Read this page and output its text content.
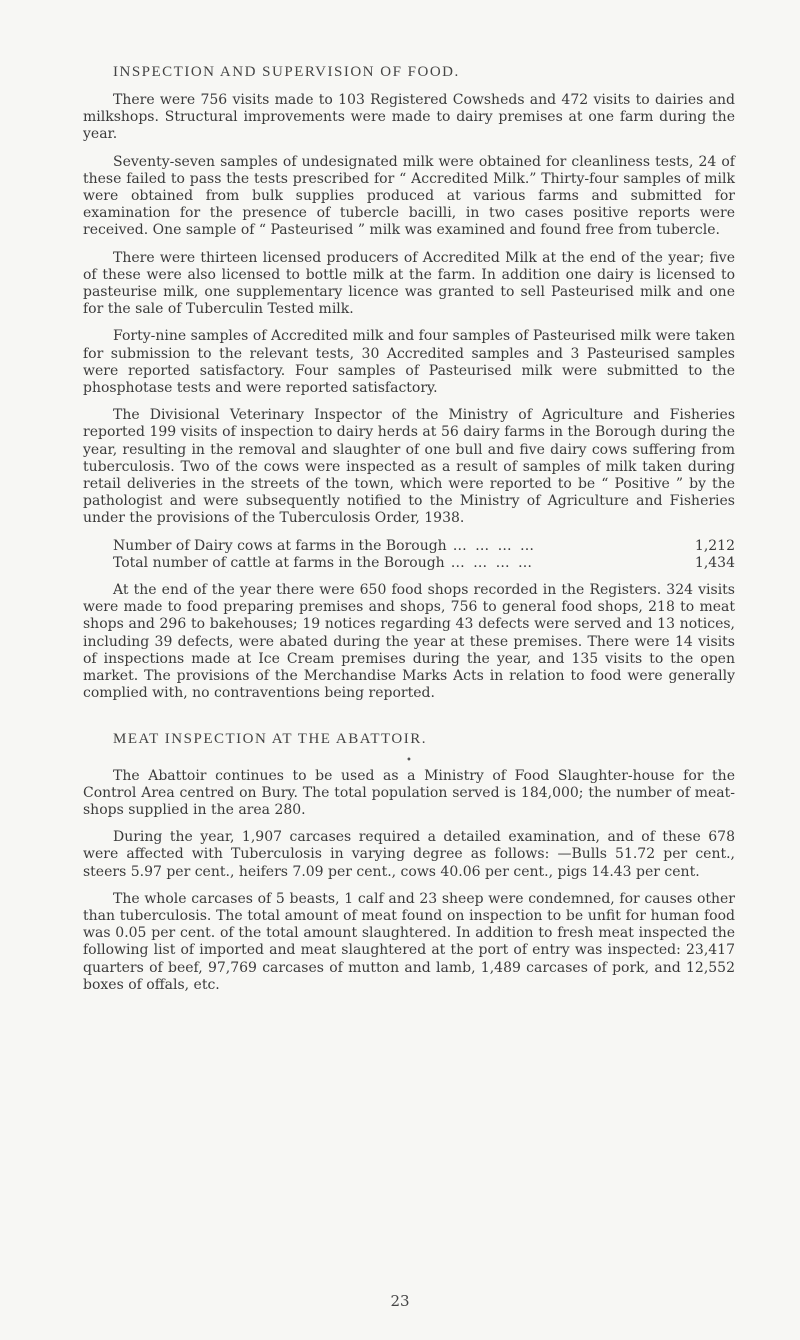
INSPECTION AND SUPERVISION OF FOOD.

There were 756 visits made to 103 Registered Cowsheds and 472 visits to dairies and milkshops. Structural improvements were made to dairy premises at one farm during the year.

Seventy-seven samples of undesignated milk were obtained for cleanliness tests, 24 of these failed to pass the tests prescribed for “ Accredited Milk.” Thirty-four samples of milk were obtained from bulk supplies produced at various farms and submitted for examination for the presence of tubercle bacilli, in two cases positive reports were received. One sample of “ Pasteurised ” milk was examined and found free from tubercle.

There were thirteen licensed producers of Accredited Milk at the end of the year; five of these were also licensed to bottle milk at the farm. In addition one dairy is licensed to pasteurise milk, one supplementary licence was granted to sell Pasteurised milk and one for the sale of Tuberculin Tested milk.

Forty-nine samples of Accredited milk and four samples of Pasteurised milk were taken for submission to the relevant tests, 30 Accredited samples and 3 Pasteurised samples were reported satisfactory. Four samples of Pasteurised milk were submitted to the phosphotase tests and were reported satisfactory.

The Divisional Veterinary Inspector of the Ministry of Agriculture and Fisheries reported 199 visits of inspection to dairy herds at 56 dairy farms in the Borough during the year, resulting in the removal and slaughter of one bull and five dairy cows suffering from tuberculosis. Two of the cows were inspected as a result of samples of milk taken during retail deliveries in the streets of the town, which were reported to be “ Positive ” by the pathologist and were subsequently notified to the Ministry of Agriculture and Fisheries under the provisions of the Tuberculosis Order, 1938.

Number of Dairy cows at farms in the Borough … … … …	1,212
Total number of cattle at farms in the Borough … … … …	1,434

At the end of the year there were 650 food shops recorded in the Registers. 324 visits were made to food preparing premises and shops, 756 to general food shops, 218 to meat shops and 296 to bakehouses; 19 notices regarding 43 defects were served and 13 notices, including 39 defects, were abated during the year at these premises. There were 14 visits of inspections made at Ice Cream premises during the year, and 135 visits to the open market. The provisions of the Merchandise Marks Acts in relation to food were generally complied with, no contraventions being reported.

MEAT INSPECTION AT THE ABATTOIR.
•

The Abattoir continues to be used as a Ministry of Food Slaughter-house for the Control Area centred on Bury. The total population served is 184,000; the number of meat-shops supplied in the area 280.

During the year, 1,907 carcases required a detailed examination, and of these 678 were affected with Tuberculosis in varying degree as follows: —Bulls 51.72 per cent., steers 5.97 per cent., heifers 7.09 per cent., cows 40.06 per cent., pigs 14.43 per cent.

The whole carcases of 5 beasts, 1 calf and 23 sheep were condemned, for causes other than tuberculosis. The total amount of meat found on inspection to be unfit for human food was 0.05 per cent. of the total amount slaughtered. In addition to fresh meat inspected the following list of imported and meat slaughtered at the port of entry was inspected: 23,417 quarters of beef, 97,769 carcases of mutton and lamb, 1,489 carcases of pork, and 12,552 boxes of offals, etc.

23
